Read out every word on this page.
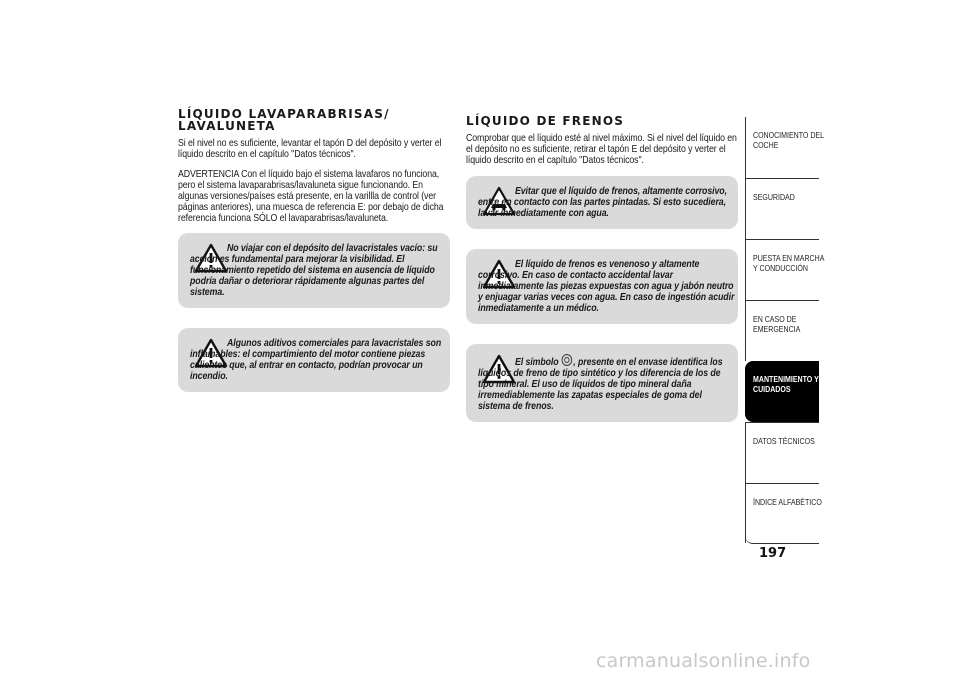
LÍQUIDO LAVAPARABRISAS/
LAVALUNETA

Si el nivel no es suficiente, levantar el tapón D del depósito y verter el líquido descrito en el capítulo "Datos técnicos".

ADVERTENCIA Con el líquido bajo el sistema lavafaros no funciona, pero el sistema lavaparabrisas/lavaluneta sigue funcionando. En algunas versiones/países está presente, en la varillla de control (ver páginas anteriores), una muesca de referencia E: por debajo de dicha referencia funciona SÓLO el lavaparabrisas/lavaluneta.

No viajar con el depósito del lavacristales vacío: su acción es fundamental para mejorar la visibilidad. El funcionamiento repetido del sistema en ausencia de líquido podría dañar o deteriorar rápidamente algunas partes del sistema.

Algunos aditivos comerciales para lavacristales son inflamables: el compartimiento del motor contiene piezas calientes que, al entrar en contacto, podrían provocar un incendio.

LÍQUIDO DE FRENOS

Comprobar que el líquido esté al nivel máximo. Si el nivel del líquido en el depósito no es suficiente, retirar el tapón E del depósito y verter el líquido descrito en el capítulo "Datos técnicos".

Evitar que el líquido de frenos, altamente corrosivo, entre en contacto con las partes pintadas. Si esto sucediera, lavar inmediatamente con agua.

El líquido de frenos es venenoso y altamente corrosivo. En caso de contacto accidental lavar inmediatamente las piezas expuestas con agua y jabón neutro y enjuagar varias veces con agua. En caso de ingestión acudir inmediatamente a un médico.

El símbolo , presente en el envase identifica los líquidos de freno de tipo sintético y los diferencia de los de tipo mineral. El uso de líquidos de tipo mineral daña irremediablemente las zapatas especiales de goma del sistema de frenos.

CONOCIMIENTO DEL COCHE
SEGURIDAD
PUESTA EN MARCHA Y CONDUCCIÓN
EN CASO DE EMERGENCIA
MANTENIMIENTO Y CUIDADOS
DATOS TÉCNICOS
ÍNDICE ALFABÉTICO
197
carmanualsonline.info
